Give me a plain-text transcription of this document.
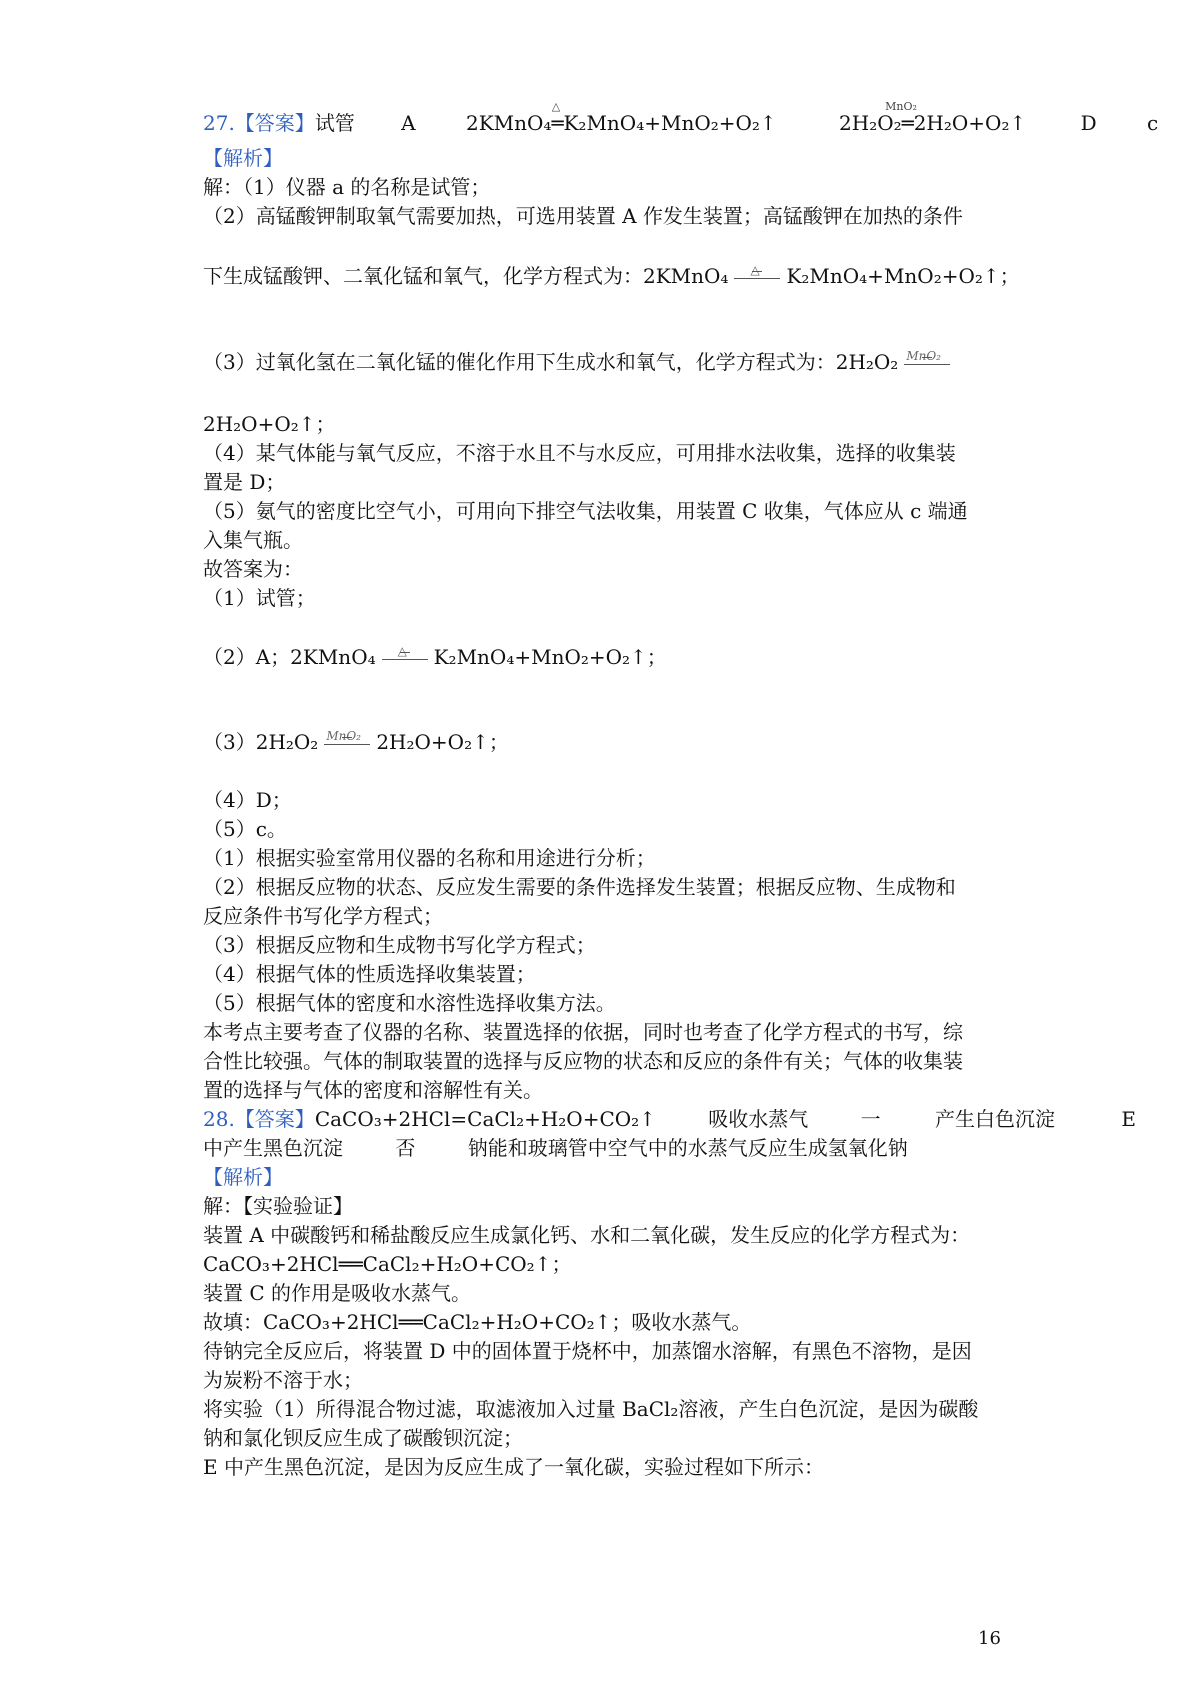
27.【答案】试管 A	2KMnO₄
△
═K₂MnO₄+MnO₂+O₂↑	2H₂O₂
MnO₂
═2H₂O+O₂↑	D	c
【解析】
解：（1）仪器 a 的名称是试管；
（2）高锰酸钾制取氧气需要加热，可选用装置 A 作发生装置；高锰酸钾在加热的条件
下生成锰酸钾、二氧化锰和氧气，化学方程式为：2KMnO₄ △ K₂MnO₄+MnO₂+O₂↑；
（3）过氧化氢在二氧化锰的催化作用下生成水和氧气，化学方程式为：2H₂O₂ MnO₂
2H₂O+O₂↑；
（4）某气体能与氧气反应，不溶于水且不与水反应，可用排水法收集，选择的收集装
置是 D；
（5）氨气的密度比空气小，可用向下排空气法收集，用装置 C 收集，气体应从 c 端通
入集气瓶。
故答案为：
（1）试管；
（2）A；2KMnO₄ △ K₂MnO₄+MnO₂+O₂↑；
（3）2H₂O₂ MnO₂ 2H₂O+O₂↑；
（4）D；
（5）c。
（1）根据实验室常用仪器的名称和用途进行分析；
（2）根据反应物的状态、反应发生需要的条件选择发生装置；根据反应物、生成物和
反应条件书写化学方程式；
（3）根据反应物和生成物书写化学方程式；
（4）根据气体的性质选择收集装置；
（5）根据气体的密度和水溶性选择收集方法。
本考点主要考查了仪器的名称、装置选择的依据，同时也考查了化学方程式的书写，综
合性比较强。气体的制取装置的选择与反应物的状态和反应的条件有关；气体的收集装
置的选择与气体的密度和溶解性有关。
28.【答案】CaCO₃+2HCl=CaCl₂+H₂O+CO₂↑	吸收水蒸气	一	产生白色沉淀	E
中产生黑色沉淀	否	钠能和玻璃管中空气中的水蒸气反应生成氢氧化钠
【解析】
解：【实验验证】
装置 A 中碳酸钙和稀盐酸反应生成氯化钙、水和二氧化碳，发生反应的化学方程式为：
CaCO₃+2HCl══CaCl₂+H₂O+CO₂↑；
装置 C 的作用是吸收水蒸气。
故填：CaCO₃+2HCl══CaCl₂+H₂O+CO₂↑；吸收水蒸气。
待钠完全反应后，将装置 D 中的固体置于烧杯中，加蒸馏水溶解，有黑色不溶物，是因
为炭粉不溶于水；
将实验（1）所得混合物过滤，取滤液加入过量 BaCl₂溶液，产生白色沉淀，是因为碳酸
钠和氯化钡反应生成了碳酸钡沉淀；
E 中产生黑色沉淀，是因为反应生成了一氧化碳，实验过程如下所示：
16
